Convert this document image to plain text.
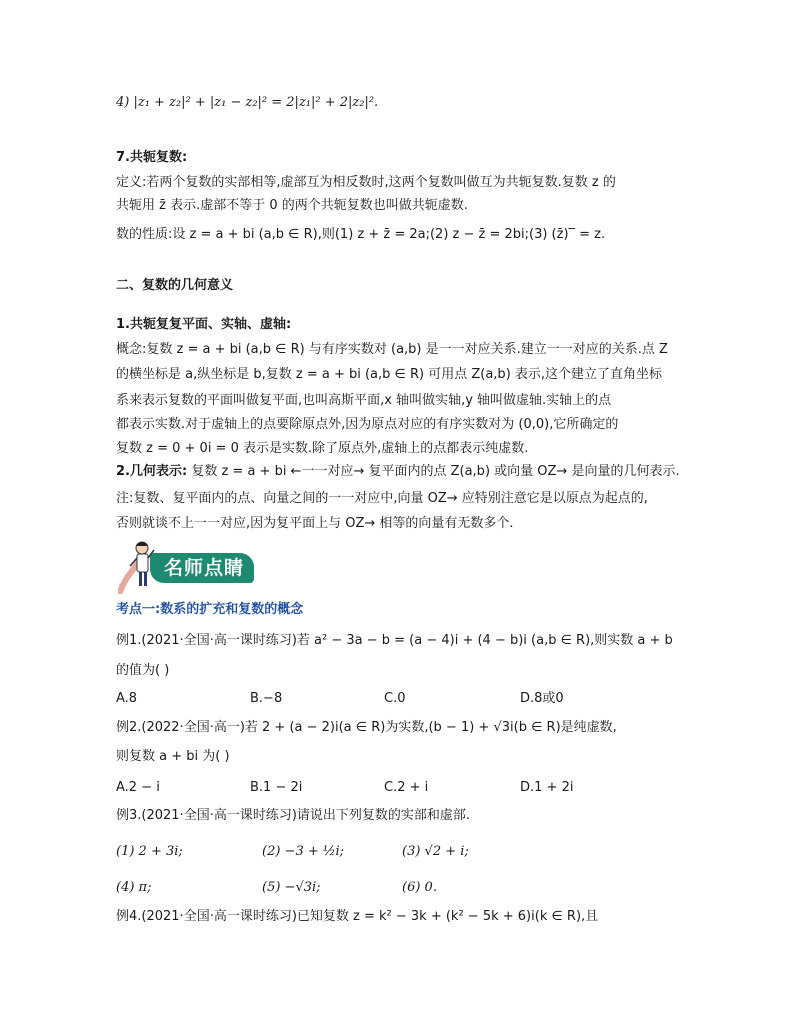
4) |z₁ + z₂|² + |z₁ − z₂|² = 2|z₁|² + 2|z₂|².
7.共轭复数:
定义:若两个复数的实部相等,虚部互为相反数时,这两个复数叫做互为共轭复数.复数 z 的
共轭用 z̄ 表示.虚部不等于 0 的两个共轭复数也叫做共轭虚数.
数的性质:设 z = a + bi (a,b ∈ R),则(1) z + z̄ = 2a;(2) z − z̄ = 2bi;(3) (z̄)‾ = z.
二、复数的几何意义
1.共轭复复平面、实轴、虚轴:
概念:复数 z = a + bi (a,b ∈ R) 与有序实数对 (a,b) 是一一对应关系.建立一一对应的关系.点 Z
的横坐标是 a,纵坐标是 b,复数 z = a + bi (a,b ∈ R) 可用点 Z(a,b) 表示,这个建立了直角坐标
系来表示复数的平面叫做复平面,也叫高斯平面,x 轴叫做实轴,y 轴叫做虚轴.实轴上的点
都表示实数.对于虚轴上的点要除原点外,因为原点对应的有序实数对为 (0,0),它所确定的
复数 z = 0 + 0i = 0 表示是实数.除了原点外,虚轴上的点都表示纯虚数.
2.几何表示: 复数 z = a + bi ←一一对应→ 复平面内的点 Z(a,b) 或向量 OZ→ 是向量的几何表示.
注:复数、复平面内的点、向量之间的一一对应中,向量 OZ→ 应特别注意它是以原点为起点的,
否则就谈不上一一对应,因为复平面上与 OZ→ 相等的向量有无数多个.
名师点睛
考点一:数系的扩充和复数的概念
例1.(2021·全国·高一课时练习)若 a² − 3a − b = (a − 4)i + (4 − b)i (a,b ∈ R),则实数 a + b
的值为( )
A.8	B.−8	C.0	D.8或0
例2.(2022·全国·高一)若 2 + (a − 2)i(a ∈ R)为实数,(b − 1) + √3i(b ∈ R)是纯虚数,
则复数 a + bi 为( )
A.2 − i	B.1 − 2i	C.2 + i	D.1 + 2i
例3.(2021·全国·高一课时练习)请说出下列复数的实部和虚部.
(1) 2 + 3i;	(2) −3 + ½i;	(3) √2 + i;
(4) π;	(5) −√3i;	(6) 0.
例4.(2021·全国·高一课时练习)已知复数 z = k² − 3k + (k² − 5k + 6)i(k ∈ R),且
